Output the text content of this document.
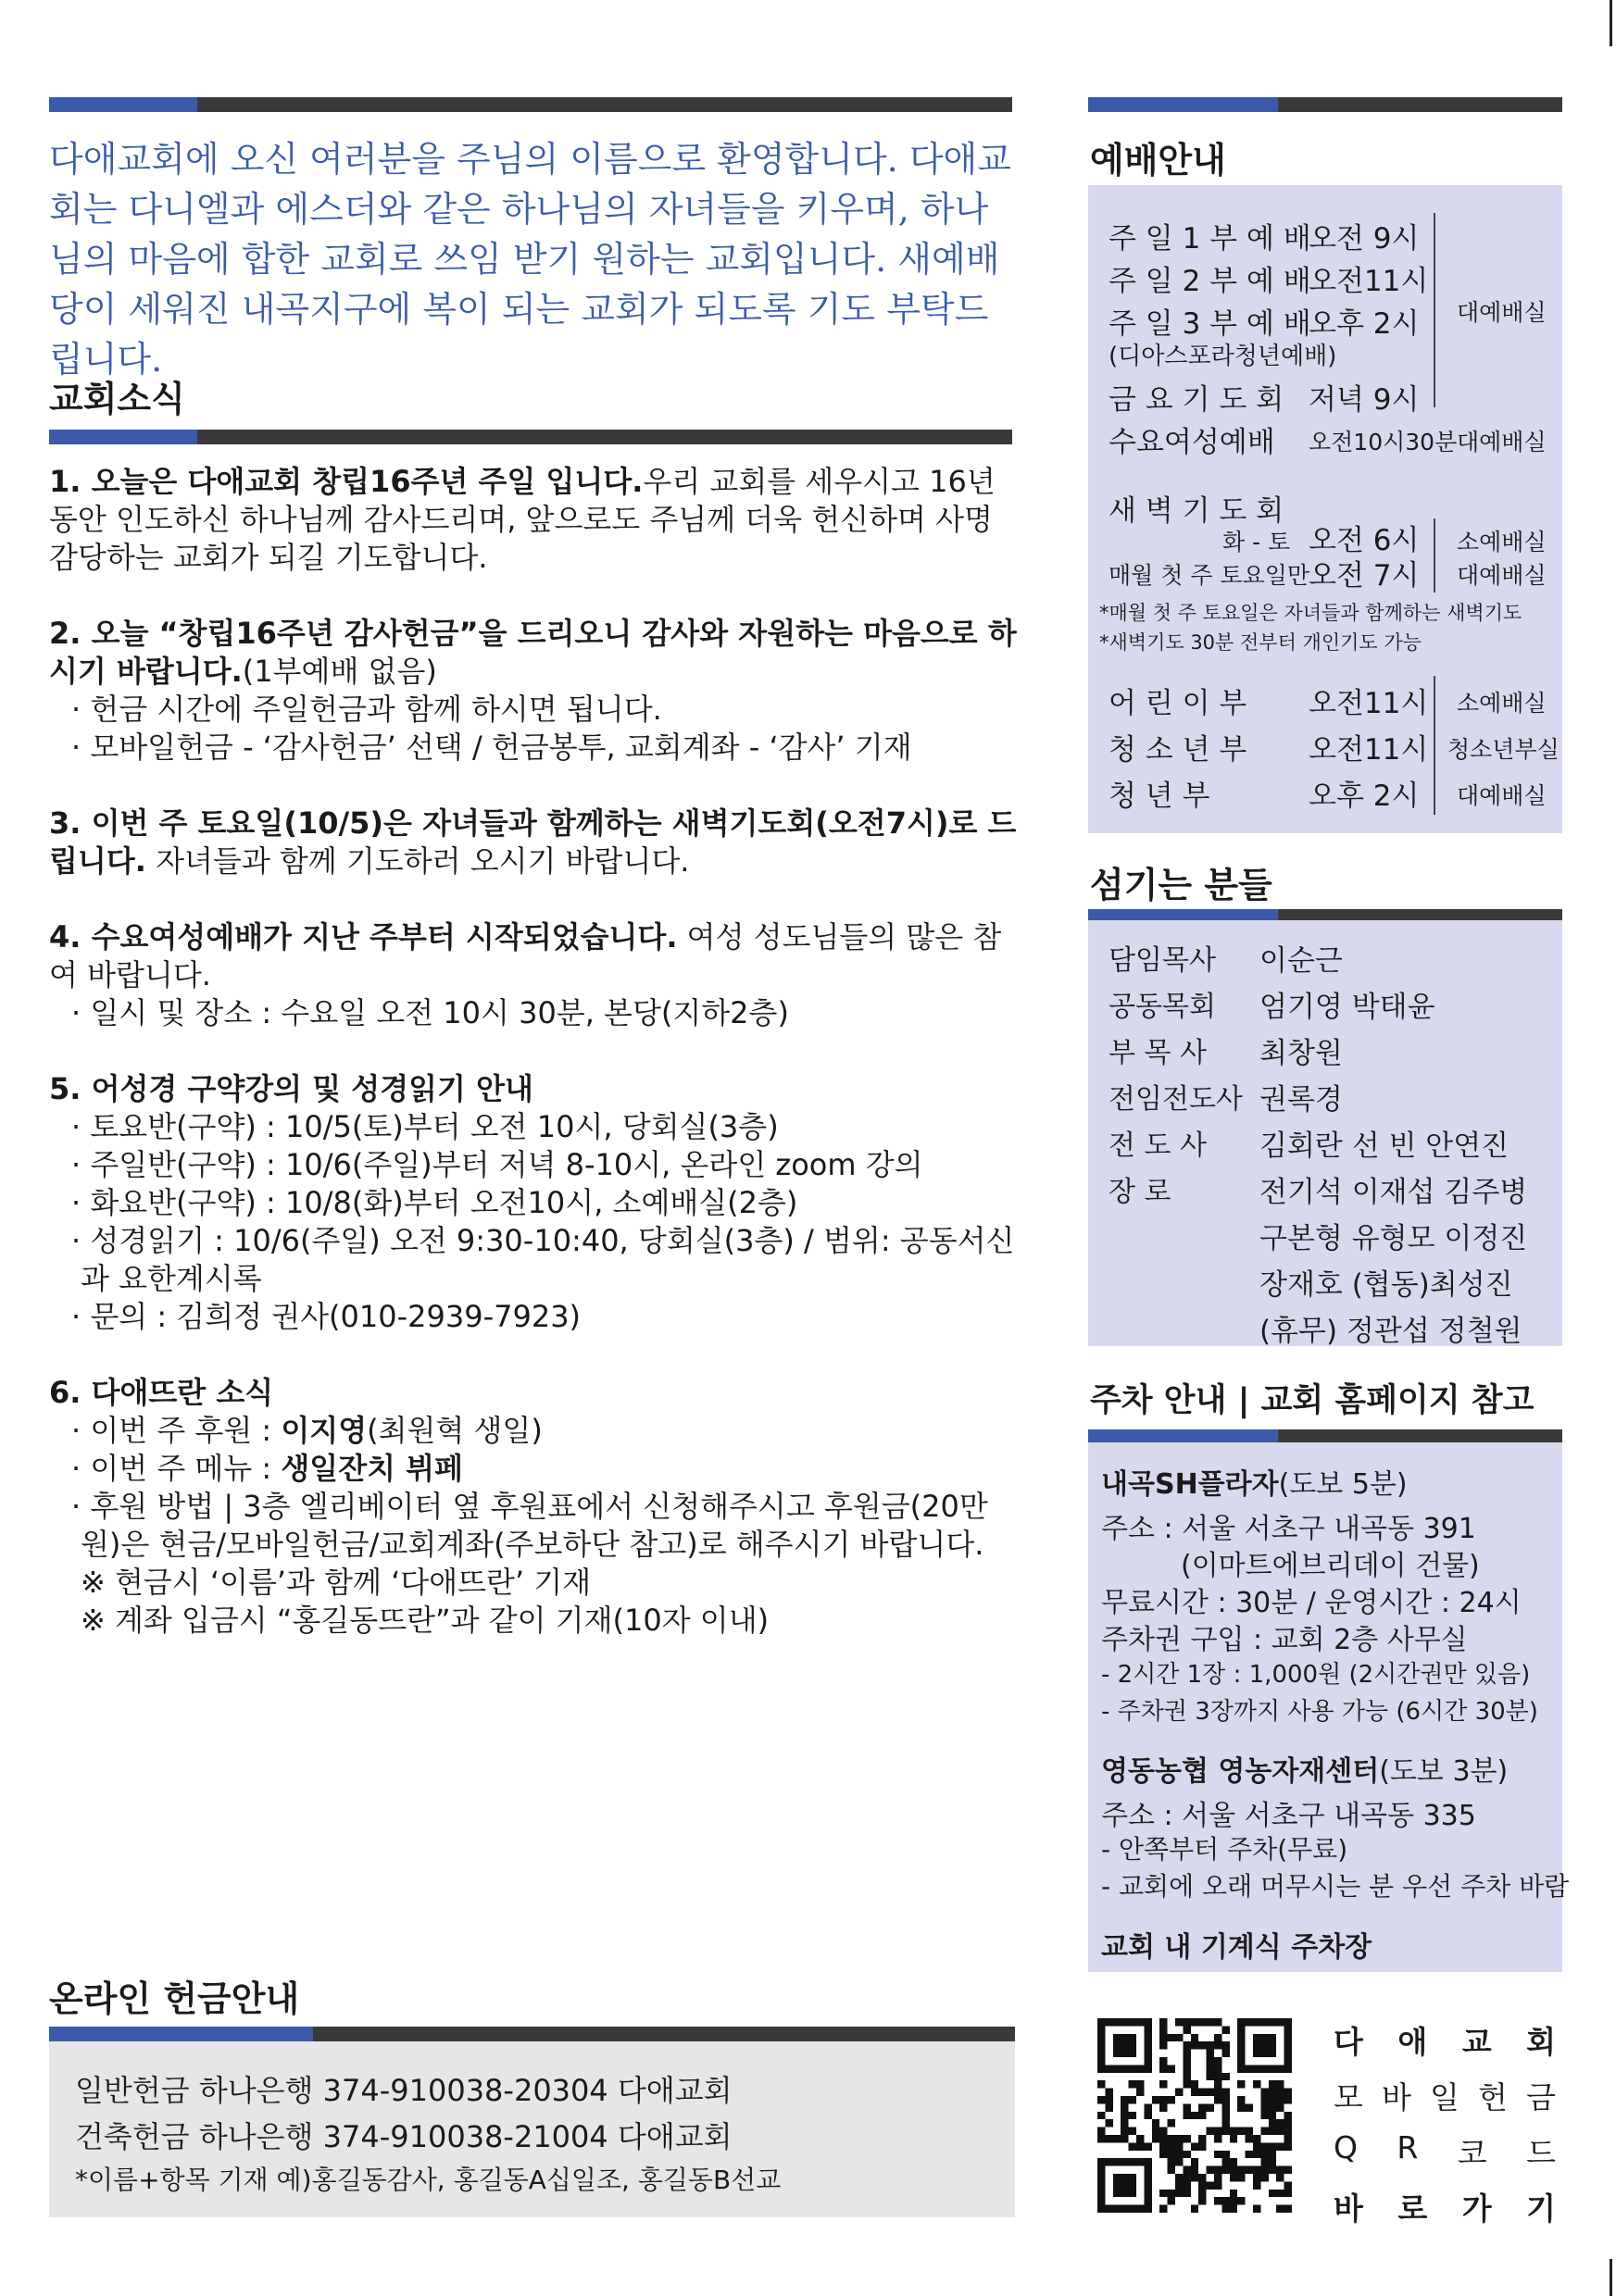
다애교회에 오신 여러분을 주님의 이름으로 환영합니다. 다애교회는 다니엘과 에스더와 같은 하나님의 자녀들을 키우며, 하나님의 마음에 합한 교회로 쓰임 받기 원하는 교회입니다. 새예배당이 세워진 내곡지구에 복이 되는 교회가 되도록 기도 부탁드립니다.
교회소식

1. 오늘은 다애교회 창립16주년 주일 입니다.우리 교회를 세우시고 16년 동안 인도하신 하나님께 감사드리며, 앞으로도 주님께 더욱 헌신하며 사명 감당하는 교회가 되길 기도합니다.

2. 오늘 “창립16주년 감사헌금”을 드리오니 감사와 자원하는 마음으로 하시기 바랍니다.(1부예배 없음)

· 헌금 시간에 주일헌금과 함께 하시면 됩니다.

· 모바일헌금 - ‘감사헌금’ 선택 / 헌금봉투, 교회계좌 - ‘감사’ 기재

3. 이번 주 토요일(10/5)은 자녀들과 함께하는 새벽기도회(오전7시)로 드립니다. 자녀들과 함께 기도하러 오시기 바랍니다.

4. 수요여성예배가 지난 주부터 시작되었습니다. 여성 성도님들의 많은 참여 바랍니다.

· 일시 및 장소 : 수요일 오전 10시 30분, 본당(지하2층)

5. 어성경 구약강의 및 성경읽기 안내

· 토요반(구약) : 10/5(토)부터 오전 10시, 당회실(3층)

· 주일반(구약) : 10/6(주일)부터 저녁 8-10시, 온라인 zoom 강의

· 화요반(구약) : 10/8(화)부터 오전10시, 소예배실(2층)

· 성경읽기 : 10/6(주일) 오전 9:30-10:40, 당회실(3층) / 범위: 공동서신과 요한계시록

· 문의 : 김희정 권사(010-2939-7923)

6. 다애뜨란 소식

· 이번 주 후원 : 이지영(최원혁 생일)

· 이번 주 메뉴 : 생일잔치 뷔페

· 후원 방법 | 3층 엘리베이터 옆 후원표에서 신청해주시고 후원금(20만원)은 현금/모바일헌금/교회계좌(주보하단 참고)로 해주시기 바랍니다.

※ 현금시 ‘이름’과 함께 ‘다애뜨란’ 기재

※ 계좌 입금시 “홍길동뜨란”과 같이 기재(10자 이내)

온라인 헌금안내

일반헌금 하나은행 374-910038-20304 다애교회

건축헌금 하나은행 374-910038-21004 다애교회

*이름+항목 기재 예)홍길동감사, 홍길동A십일조, 홍길동B선교

예배안내
주 일 1 부 예 배
오전 9시
주 일 2 부 예 배
오전11시
주 일 3 부 예 배
오후 2시
(디아스포라청년예배)
금 요 기 도 회 저녁 9시
대예배실
수요여성예배 오전10시30분 대예배실
새 벽 기 도 회
화 - 토 오전 6시 소예배실
매월 첫 주 토요일만
오전 7시 대예배실
*매월 첫 주 토요일은 자녀들과 함께하는 새벽기도
*새벽기도 30분 전부터 개인기도 가능
어 린 이 부 오전11시 소예배실
청 소 년 부 오전11시 청소년부실
청 년 부	오후 2시 대예배실
섬기는 분들
담임목사 이순근
공동목회 엄기영 박태윤
부 목 사 최창원
전임전도사 권록경
전 도 사 김회란 선 빈 안연진
장 로	전기석 이재섭 김주병
구본형 유형모 이정진
장재호 (협동)최성진
(휴무) 정관섭 정철원
주차 안내 | 교회 홈페이지 참고
내곡SH플라자(도보 5분)
주소 : 서울 서초구 내곡동 391
(이마트에브리데이 건물)
무료시간 : 30분 / 운영시간 : 24시
주차권 구입 : 교회 2층 사무실
- 2시간 1장 : 1,000원 (2시간권만 있음)
- 주차권 3장까지 사용 가능 (6시간 30분)
영동농협 영농자재센터(도보 3분)
주소 : 서울 서초구 내곡동 335
- 안쪽부터 주차(무료)
- 교회에 오래 머무시는 분 우선 주차 바람
교회 내 기계식 주차장
다 애 교 회
모 바 일 헌 금
Q R 코 드
바 로 가 기
